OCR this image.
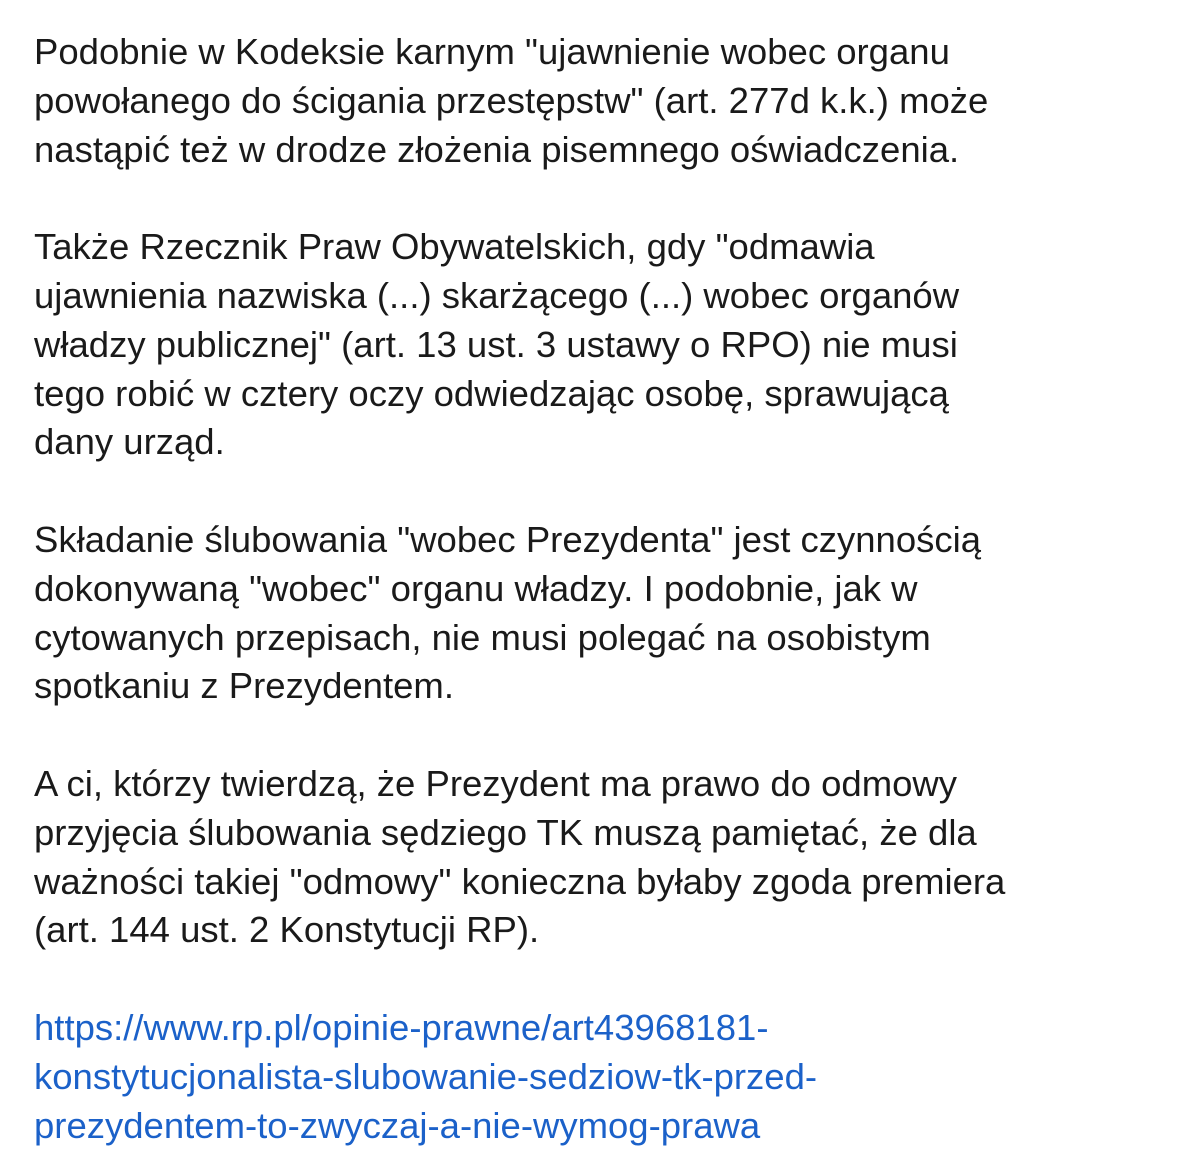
Podobnie w Kodeksie karnym "ujawnienie wobec organu
powołanego do ścigania przestępstw" (art. 277d k.k.) może
nastąpić też w drodze złożenia pisemnego oświadczenia.

Także Rzecznik Praw Obywatelskich, gdy "odmawia
ujawnienia nazwiska (...) skarżącego (...) wobec organów
władzy publicznej" (art. 13 ust. 3 ustawy o RPO) nie musi
tego robić w cztery oczy odwiedzając osobę, sprawującą
dany urząd.

Składanie ślubowania "wobec Prezydenta" jest czynnością
dokonywaną "wobec" organu władzy. I podobnie, jak w
cytowanych przepisach, nie musi polegać na osobistym
spotkaniu z Prezydentem.

A ci, którzy twierdzą, że Prezydent ma prawo do odmowy
przyjęcia ślubowania sędziego TK muszą pamiętać, że dla
ważności takiej "odmowy" konieczna byłaby zgoda premiera
(art. 144 ust. 2 Konstytucji RP).

https://www.rp.pl/opinie-prawne/art43968181-
konstytucjonalista-slubowanie-sedziow-tk-przed-
prezydentem-to-zwyczaj-a-nie-wymog-prawa
